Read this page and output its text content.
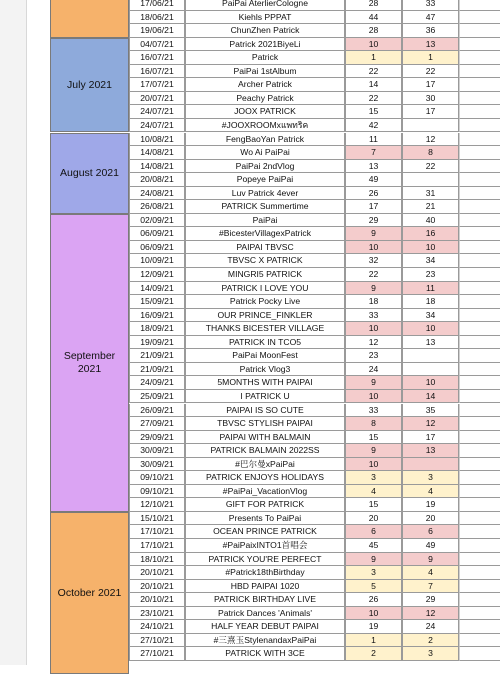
July 2021
August 2021
September 2021
October 2021
17/06/21	PaiPai AterlierCologne	28	33
18/06/21	Kiehls PPPAT	44	47
19/06/21	ChunZhen Patrick	28	36
04/07/21	Patrick 2021BiyeLi	10	13
16/07/21	Patrick	1	1
16/07/21	PaiPai 1stAlbum	22	22
17/07/21	Archer Patrick	14	17
20/07/21	Peachy Patrick	22	30
24/07/21	JOOX PATRICK	15	17
24/07/21	#JOOXROOMxแพทริค	42
10/08/21	FengBaoYan Patrick	11	12
14/08/21	Wo Ai PaiPai	7	8
14/08/21	PaiPai 2ndVlog	13	22
20/08/21	Popeye PaiPai	49
24/08/21	Luv Patrick 4ever	26	31
26/08/21	PATRICK Summertime	17	21
02/09/21	PaiPai	29	40
06/09/21	#BicesterVillagexPatrick	9	16
06/09/21	PAIPAI TBVSC	10	10
10/09/21	TBVSC X PATRICK	32	34
12/09/21	MINGRI5 PATRICK	22	23
14/09/21	PATRICK I LOVE YOU	9	11
15/09/21	Patrick Pocky Live	18	18
16/09/21	OUR PRINCE_FINKLER	33	34
18/09/21	THANKS BICESTER VILLAGE	10	10
19/09/21	PATRICK IN TCO5	12	13
21/09/21	PaiPai MoonFest	23
21/09/21	Patrick Vlog3	24
24/09/21	5MONTHS WITH PAIPAI	9	10
25/09/21	I PATRICK U	10	14
26/09/21	PAIPAI IS SO CUTE	33	35
27/09/21	TBVSC STYLISH PAIPAI	8	12
29/09/21	PAIPAI WITH BALMAIN	15	17
30/09/21	PATRICK BALMAIN 2022SS	9	13
30/09/21	#巴尔曼xPaiPai	10
09/10/21	PATRICK ENJOYS HOLIDAYS	3	3
09/10/21	#PaiPai_VacationVlog	4	4
12/10/21	GIFT FOR PATRICK	15	19
15/10/21	Presents To PaiPai	20	20
17/10/21	OCEAN PRINCE PATRICK	6	6
17/10/21	#PaiPaixINTO1首唱会	45	49
18/10/21	PATRICK YOU'RE PERFECT	9	9
20/10/21	#Patrick18thBirthday	3	4
20/10/21	HBD PAIPAI 1020	5	7
20/10/21	PATRICK BIRTHDAY LIVE	26	29
23/10/21	Patrick Dances 'Animals'	10	12
24/10/21	HALF YEAR DEBUT PAIPAI	19	24
27/10/21	#三熹玉StylenandaxPaiPai	1	2
27/10/21	PATRICK WITH 3CE	2	3
